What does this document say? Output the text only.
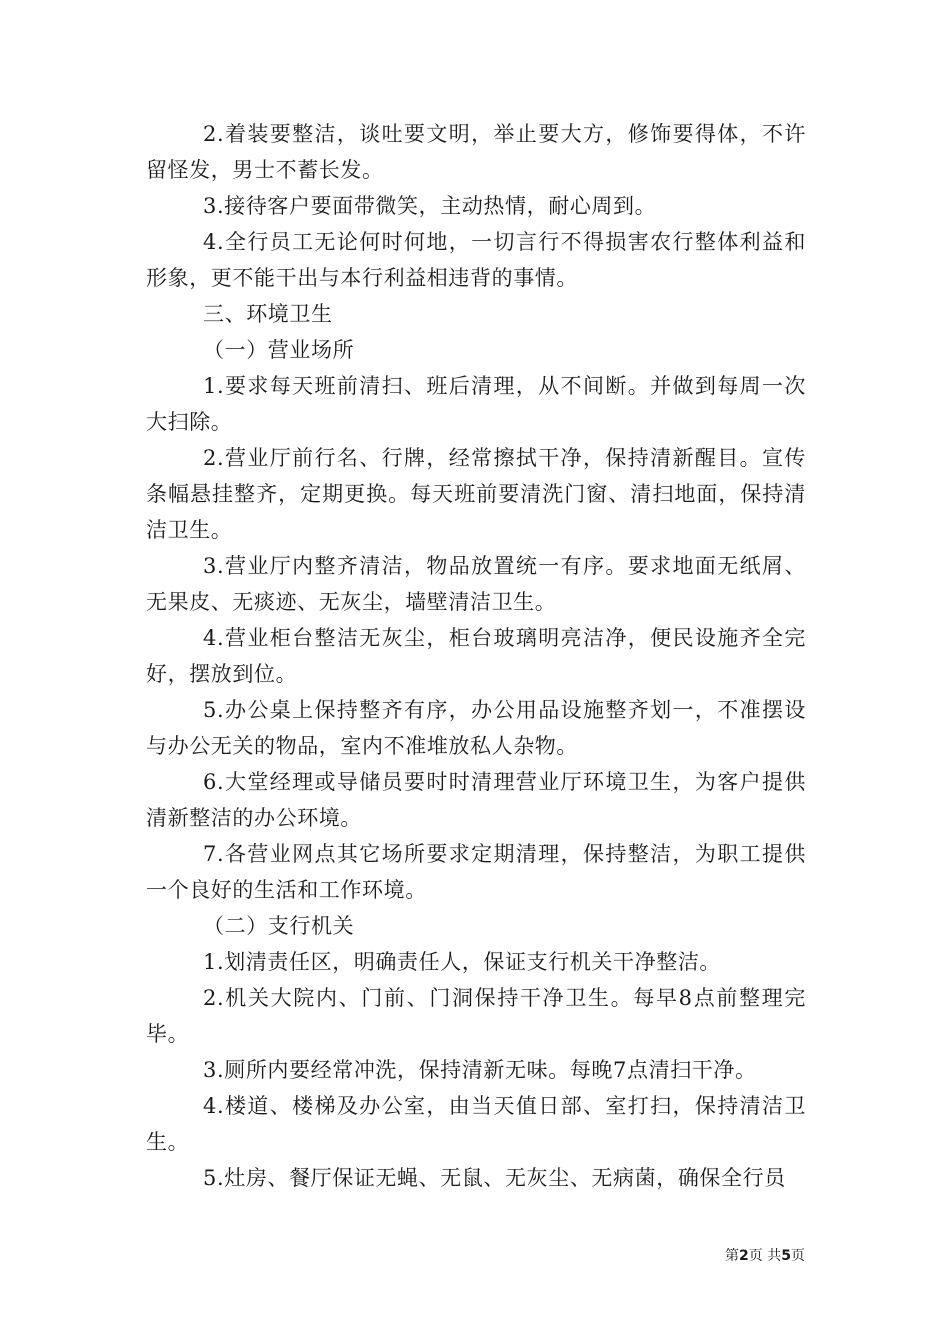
2.着装要整洁，谈吐要文明，举止要大方，修饰要得体，不许留怪发，男士不蓄长发。

3.接待客户要面带微笑，主动热情，耐心周到。

4.全行员工无论何时何地，一切言行不得损害农行整体利益和形象，更不能干出与本行利益相违背的事情。

三、环境卫生

（一）营业场所

1.要求每天班前清扫、班后清理，从不间断。并做到每周一次大扫除。

2.营业厅前行名、行牌，经常擦拭干净，保持清新醒目。宣传条幅悬挂整齐，定期更换。每天班前要清洗门窗、清扫地面，保持清洁卫生。

3.营业厅内整齐清洁，物品放置统一有序。要求地面无纸屑、无果皮、无痰迹、无灰尘，墙壁清洁卫生。

4.营业柜台整洁无灰尘，柜台玻璃明亮洁净，便民设施齐全完好，摆放到位。

5.办公桌上保持整齐有序，办公用品设施整齐划一，不准摆设与办公无关的物品，室内不准堆放私人杂物。

6.大堂经理或导储员要时时清理营业厅环境卫生，为客户提供清新整洁的办公环境。

7.各营业网点其它场所要求定期清理，保持整洁，为职工提供一个良好的生活和工作环境。

（二）支行机关

1.划清责任区，明确责任人，保证支行机关干净整洁。

2.机关大院内、门前、门洞保持干净卫生。每早8点前整理完毕。

3.厕所内要经常冲洗，保持清新无味。每晚7点清扫干净。

4.楼道、楼梯及办公室，由当天值日部、室打扫，保持清洁卫生。

5.灶房、餐厅保证无蝇、无鼠、无灰尘、无病菌，确保全行员

第2页 共5页
